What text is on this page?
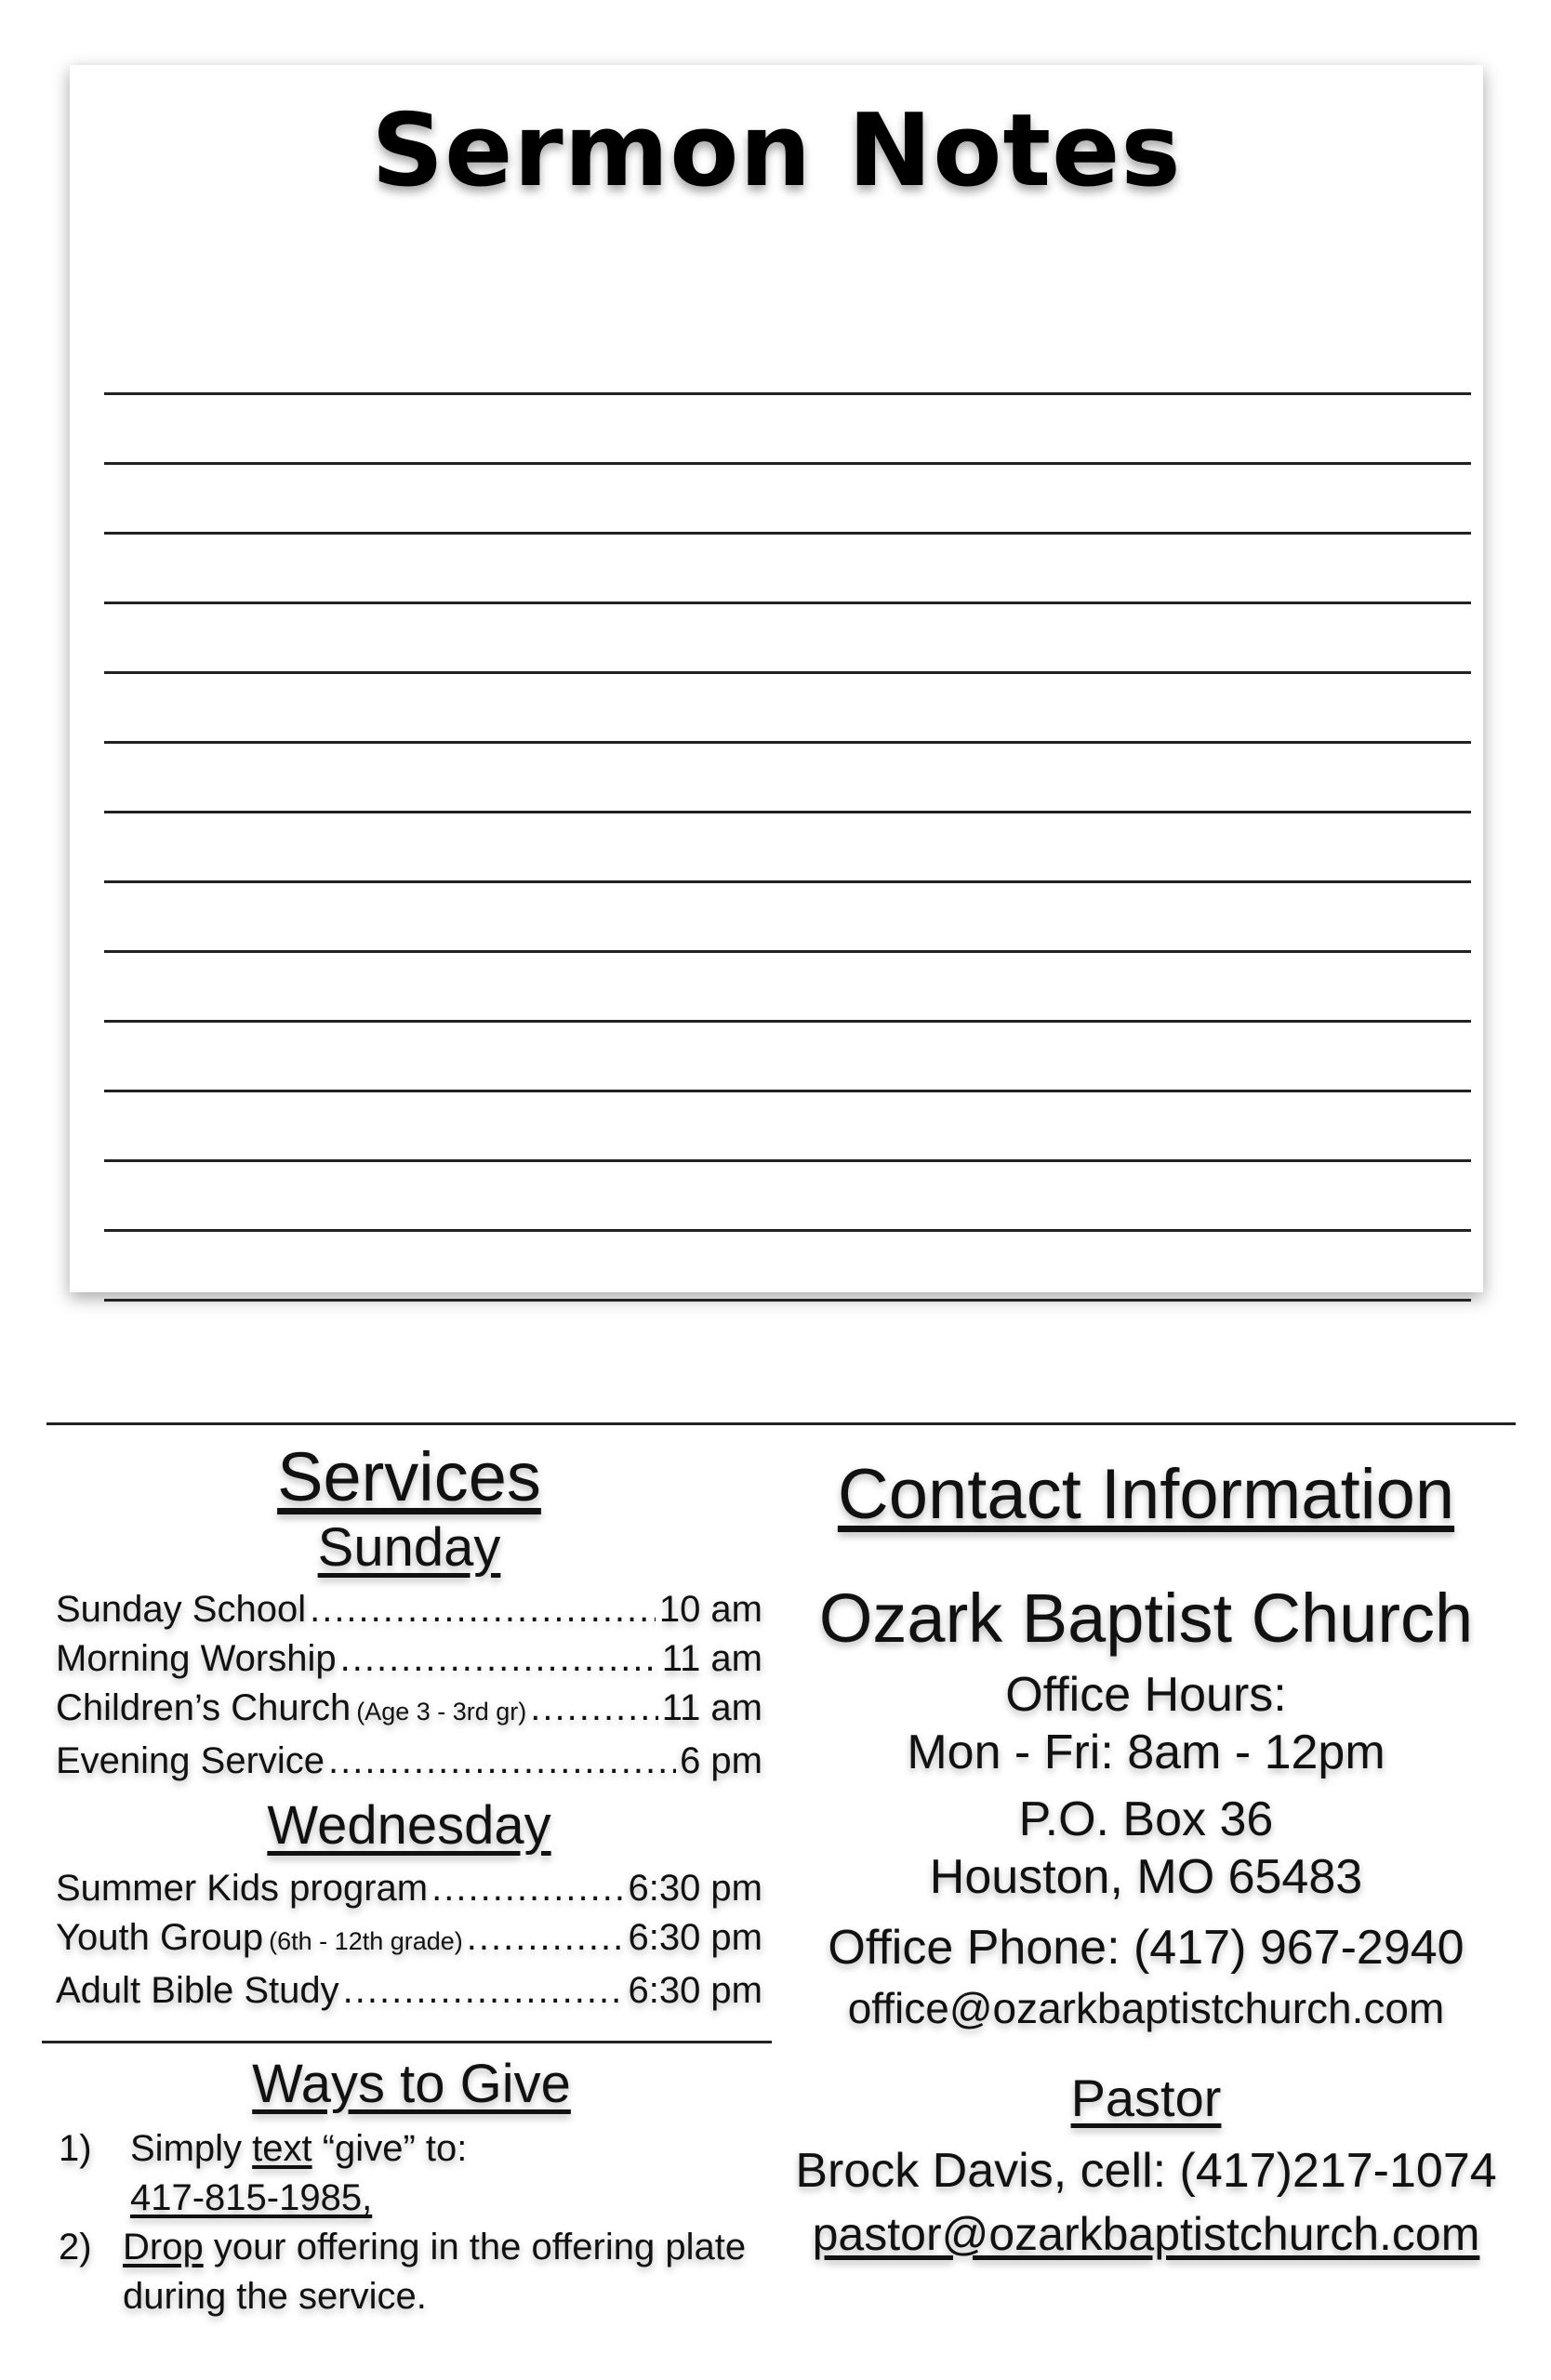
Sermon Notes
Services
Sunday
Sunday School .....	10 am
Morning Worship .....	11 am
Children’s Church (Age 3 - 3rd gr) .....	11 am
Evening Service .....	6 pm
Wednesday
Summer Kids program .....	6:30 pm
Youth Group (6th - 12th grade) .....	6:30 pm
Adult Bible Study .....	6:30 pm
Ways to Give
1)	Simply text “give” to:
417-815-1985,
2) Drop your offering in the offering plate during the service.
Contact Information
Ozark Baptist Church
Office Hours:
Mon - Fri: 8am - 12pm
P.O. Box 36
Houston, MO 65483
Office Phone: (417) 967-2940
office@ozarkbaptistchurch.com
Pastor
Brock Davis, cell: (417)217-1074
pastor@ozarkbaptistchurch.com
